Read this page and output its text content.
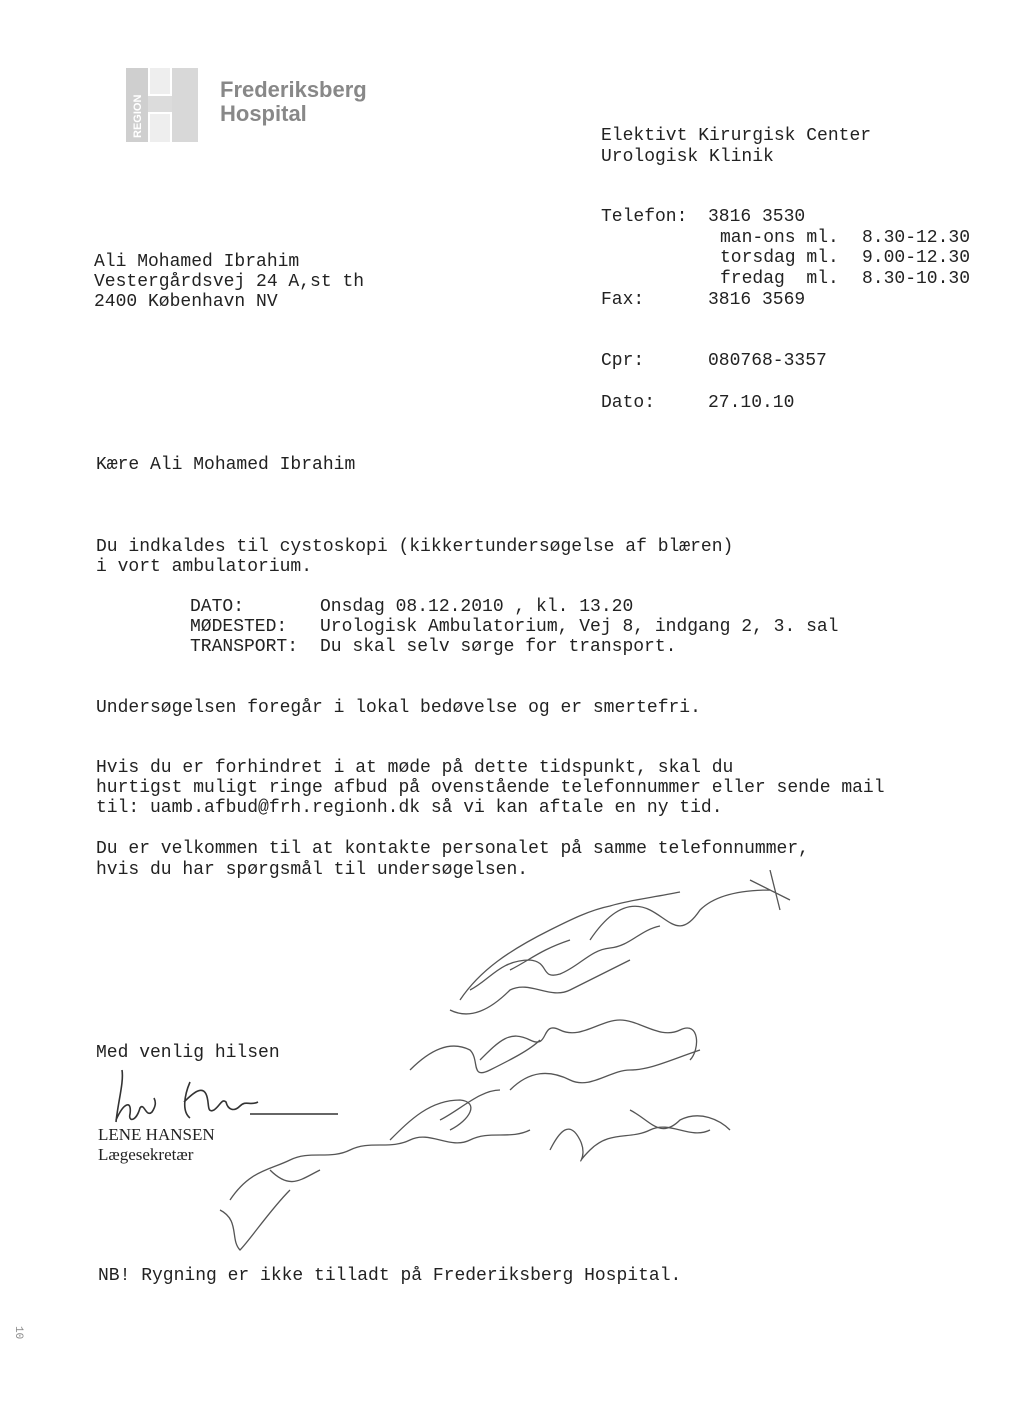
REGION
Frederiksberg
Hospital
Elektivt Kirurgisk Center
Urologisk Klinik
Telefon: 3816 3530
man-ons ml. 8.30-12.30
torsdag ml. 9.00-12.30
fredag  ml. 8.30-10.30
Fax:	3816 3569
Cpr:	080768-3357
Dato:	27.10.10
Ali Mohamed Ibrahim
Vestergårdsvej 24 A,st th
2400 København NV
Kære Ali Mohamed Ibrahim
Du indkaldes til cystoskopi (kikkertundersøgelse af blæren)
i vort ambulatorium.
DATO:	Onsdag 08.12.2010 , kl. 13.20
MØDESTED: Urologisk Ambulatorium, Vej 8, indgang 2, 3. sal
TRANSPORT: Du skal selv sørge for transport.
Undersøgelsen foregår i lokal bedøvelse og er smertefri.
Hvis du er forhindret i at møde på dette tidspunkt, skal du
hurtigst muligt ringe afbud på ovenstående telefonnummer eller sende mail
til: uamb.afbud@frh.regionh.dk så vi kan aftale en ny tid.
Du er velkommen til at kontakte personalet på samme telefonnummer,
hvis du har spørgsmål til undersøgelsen.
Med venlig hilsen
LENE HANSEN
Lægesekretær
NB! Rygning er ikke tilladt på Frederiksberg Hospital.
10
